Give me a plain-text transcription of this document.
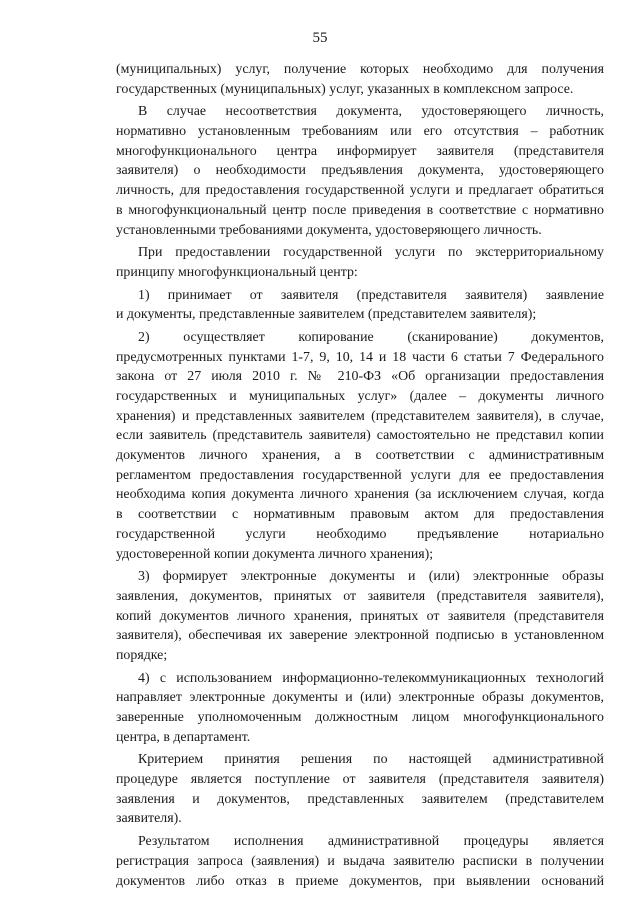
55
(муниципальных) услуг, получение которых необходимо для получения
государственных (муниципальных) услуг, указанных в комплексном запросе.
В случае несоответствия документа, удостоверяющего личность,
нормативно установленным требованиям или его отсутствия – работник
многофункционального центра информирует заявителя (представителя
заявителя) о необходимости предъявления документа, удостоверяющего
личность, для предоставления государственной услуги и предлагает обратиться
в многофункциональный центр после приведения в соответствие с нормативно
установленными требованиями документа, удостоверяющего личность.
При предоставлении государственной услуги по экстерриториальному
принципу многофункциональный центр:
1) принимает от заявителя (представителя заявителя) заявление
и документы, представленные заявителем (представителем заявителя);
2) осуществляет копирование (сканирование) документов,
предусмотренных пунктами 1-7, 9, 10, 14 и 18 части 6 статьи 7 Федерального
закона от 27 июля 2010 г. № 210-ФЗ «Об организации предоставления
государственных и муниципальных услуг» (далее – документы личного
хранения) и представленных заявителем (представителем заявителя), в случае,
если заявитель (представитель заявителя) самостоятельно не представил копии
документов личного хранения, а в соответствии с административным
регламентом предоставления государственной услуги для ее предоставления
необходима копия документа личного хранения (за исключением случая, когда
в соответствии с нормативным правовым актом для предоставления
государственной услуги необходимо предъявление нотариально
удостоверенной копии документа личного хранения);
3) формирует электронные документы и (или) электронные образы
заявления, документов, принятых от заявителя (представителя заявителя),
копий документов личного хранения, принятых от заявителя (представителя
заявителя), обеспечивая их заверение электронной подписью в установленном
порядке;
4) с использованием информационно-телекоммуникационных технологий
направляет электронные документы и (или) электронные образы документов,
заверенные уполномоченным должностным лицом многофункционального
центра, в департамент.
Критерием принятия решения по настоящей административной
процедуре является поступление от заявителя (представителя заявителя)
заявления и документов, представленных заявителем (представителем
заявителя).
Результатом исполнения административной процедуры является
регистрация запроса (заявления) и выдача заявителю расписки в получении
документов либо отказ в приеме документов, при выявлении оснований
